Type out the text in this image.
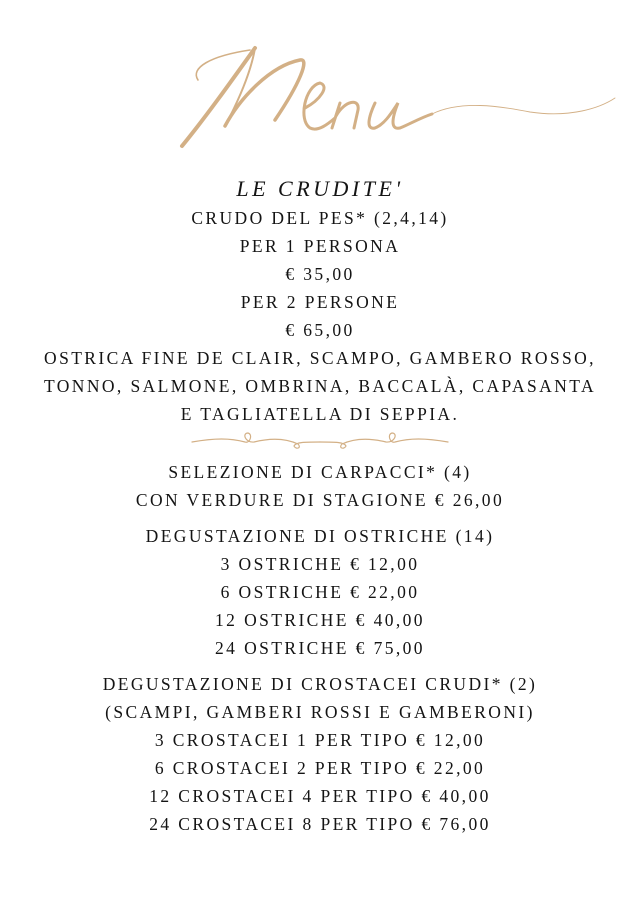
Menu
LE CRUDITE'
CRUDO DEL PES* (2,4,14)
PER 1 PERSONA
€ 35,00
PER 2 PERSONE
€ 65,00
OSTRICA FINE DE CLAIR, SCAMPO, GAMBERO ROSSO,
TONNO, SALMONE, OMBRINA, BACCALÀ, CAPASANTA
E TAGLIATELLA DI SEPPIA.
SELEZIONE DI CARPACCI* (4)
CON VERDURE DI STAGIONE € 26,00
DEGUSTAZIONE DI OSTRICHE (14)
3 OSTRICHE € 12,00
6 OSTRICHE € 22,00
12 OSTRICHE € 40,00
24 OSTRICHE € 75,00
DEGUSTAZIONE DI CROSTACEI CRUDI* (2)
(SCAMPI, GAMBERI ROSSI E GAMBERONI)
3 CROSTACEI 1 PER TIPO € 12,00
6 CROSTACEI 2 PER TIPO € 22,00
12 CROSTACEI 4 PER TIPO € 40,00
24 CROSTACEI 8 PER TIPO € 76,00
